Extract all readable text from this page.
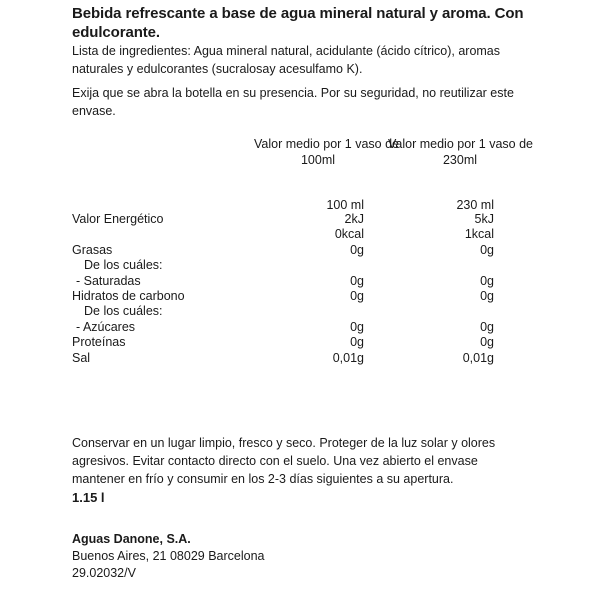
Bebida refrescante a base de agua mineral natural y aroma. Con edulcorante.
Lista de ingredientes: Agua mineral natural, acidulante (ácido cítrico), aromas naturales y edulcorantes (sucralosay acesulfamo K).
Exija que se abra la botella en su presencia. Por su seguridad, no reutilizar este envase.
Valor medio por 1 vaso de
100ml
Valor medio por 1 vaso de
230ml
100 ml	230 ml
Valor Energético	2kJ	5kJ
0kcal	1kcal
Grasas	0g	0g
De los cuáles:
- Saturadas	0g	0g
Hidratos de carbono	0g	0g
De los cuáles:
- Azúcares	0g	0g
Proteínas	0g	0g
Sal	0,01g	0,01g
Conservar en un lugar limpio, fresco y seco. Proteger de la luz solar y olores agresivos. Evitar contacto directo con el suelo. Una vez abierto el envase mantener en frío y consumir en los 2-3 días siguientes a su apertura.
1.15 l
Aguas Danone, S.A.
Buenos Aires, 21 08029 Barcelona
29.02032/V
